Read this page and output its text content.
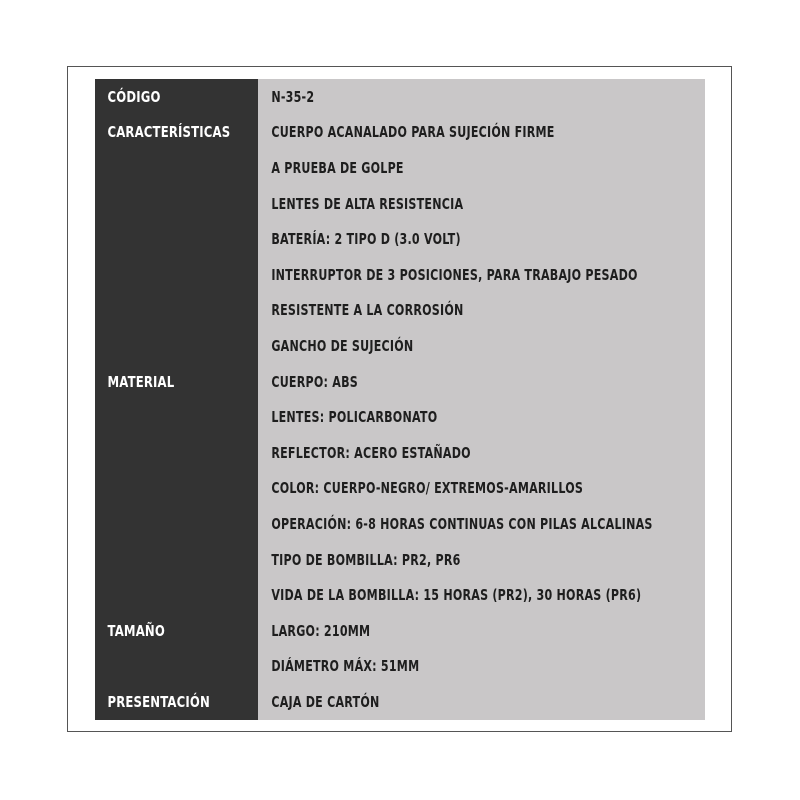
CÓDIGO
CARACTERÍSTICAS
MATERIAL
TAMAÑO
PRESENTACIÓN
N-35-2
CUERPO ACANALADO PARA SUJECIÓN FIRME
A PRUEBA DE GOLPE
LENTES DE ALTA RESISTENCIA
BATERÍA: 2 TIPO D (3.0 VOLT)
INTERRUPTOR DE 3 POSICIONES, PARA TRABAJO PESADO
RESISTENTE A LA CORROSIÓN
GANCHO DE SUJECIÓN
CUERPO: ABS
LENTES: POLICARBONATO
REFLECTOR: ACERO ESTAÑADO
COLOR: CUERPO-NEGRO/ EXTREMOS-AMARILLOS
OPERACIÓN: 6-8 HORAS CONTINUAS CON PILAS ALCALINAS
TIPO DE BOMBILLA: PR2, PR6
VIDA DE LA BOMBILLA: 15 HORAS (PR2), 30 HORAS (PR6)
LARGO: 210MM
DIÁMETRO MÁX: 51MM
CAJA DE CARTÓN
